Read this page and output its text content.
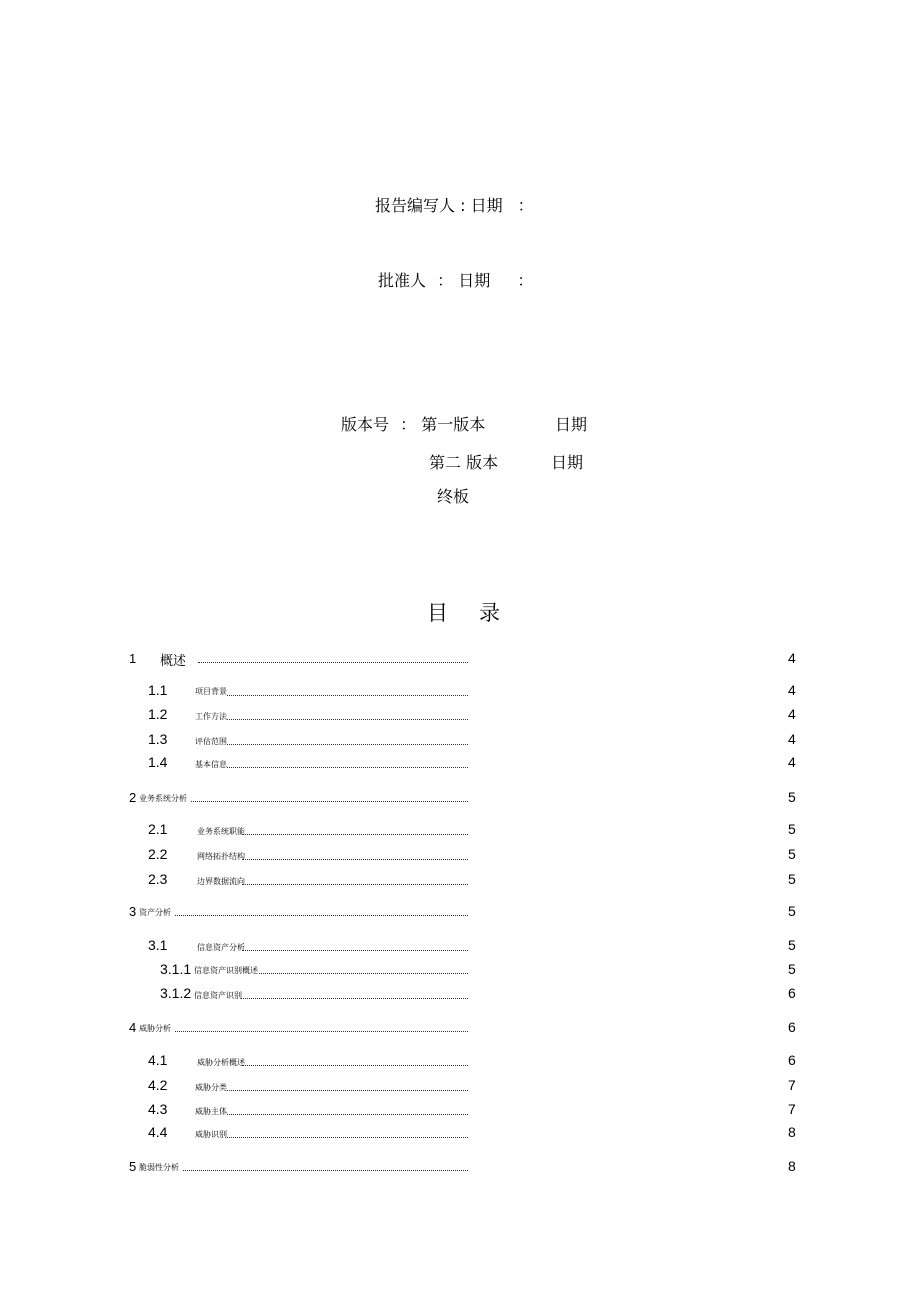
报告编写人 : 日期 ：
批准人 ： 日期 ：
版本号 ： 第一版本	日期
第二 版本	日期
终板
目 录
1 概述	4
1.1	项目背景	4
1.2	工作方法	4
1.3	评估范围	4
1.4	基本信息	4
2 业务系统分析	5
2.1	业务系统职能	5
2.2	网络拓扑结构	5
2.3	边界数据流向	5
3 资产分析	5
3.1	信息资产分析	5
3.1.1 信息资产识别概述	5
3.1.2 信息资产识别	6
4 威胁分析	6
4.1	威胁分析概述	6
4.2	威胁分类	7
4.3	威胁主体	7
4.4	威胁识别	8
5 脆弱性分析	8
